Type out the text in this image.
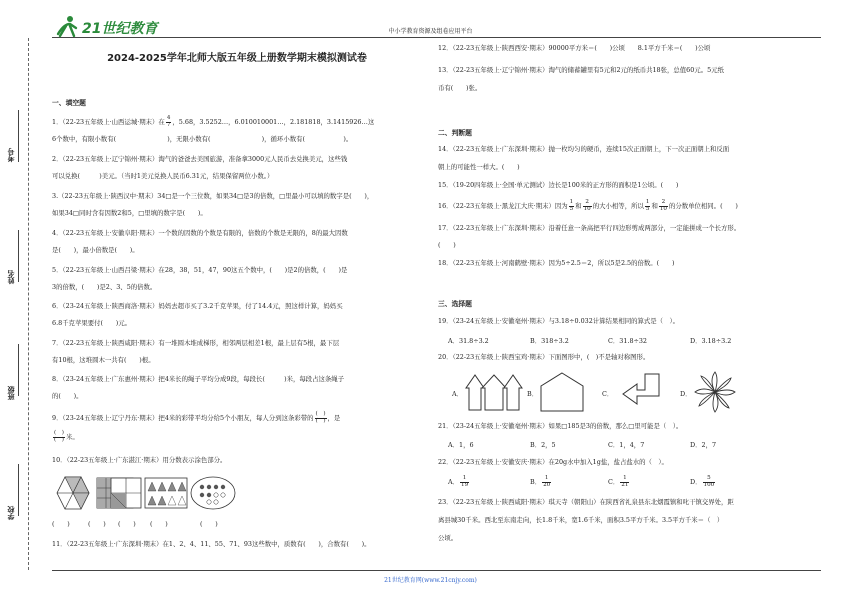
21世纪教育	中小学教育资源及组卷应用平台
21世纪教育网(www.21cnjy.com)
考号
姓名
班级
学校
2024-2025学年北师大版五年级上册数学期末模拟测试卷
一、填空题
1．（22-23五年级上·山西运城·期末）在 $\frac{4}{7}$ ，5.68，3.5252…，6.010010001…，2.181818，3.1415926…这
6个数中，有限小数有(　　　　　　　　)，无限小数有(　　　　　　　　)，循环小数有(　　　　　　)。
2．（22-23五年级上·辽宁锦州·期末）淘气的爸爸去美国旅游，准备拿3000元人民币去兑换美元，这些钱
可以兑换(　　　)美元。（当时1美元兑换人民币6.31元，结果保留两位小数。）
3.（22-23五年级上·陕西汉中·期末）34□是一个三位数，如果34□是3的倍数，□里最小可以填的数字是(　　)，
如果34□同时含有因数2和5，□里填的数字是(　　)。
4．（22-23五年级上·安徽阜阳·期末）一个数的因数的个数是有限的，倍数的个数是无限的，8的最大因数
是(　　)，最小倍数是(　　)。
5．（22-23五年级上·山西吕梁·期末）在28，38，51，47，90这五个数中，(　　)是2的倍数，(　　)是
3的倍数，(　　)是2、3、5的倍数。
6．（23-24五年级上·陕西商洛·期末）妈妈去超市买了3.2千克苹果，付了14.4元，照这样计算，妈妈买
6.8千克苹果要付(　　)元。
7．（22-23五年级上·陕西咸阳·期末）有一堆圆木堆成梯形，相邻两层相差1根，最上层有5根，最下层
有10根，这堆圆木一共有(　　)根。
8．（23-24五年级上·广东惠州·期末）把4米长的绳子平均分成9段，每段长(　　　)米，每段占这条绳子
的(　　)。
9．（23-24五年级上·辽宁丹东·期末）把4米的彩带平均分给5个小朋友，每人分到这条彩带的 $\frac{( )}{( )}$ ，是
$\frac{( )}{( )}$ 米。
10．（22-23五年级上·广东湛江·期末）用分数表示涂色部分。
(　　)	(　　) (　　) (　　)	(　　)
11．（22-23五年级上·广东深圳·期末）在1、2、4、11、55、71、93这些数中，质数有(　　)，合数有(　　)。
12．（22-23五年级上·陕西西安·期末）90000平方米＝(　　)公顷　　8.1平方千米＝(　　)公顷
13．（22-23五年级上·辽宁锦州·期末）淘气的储蓄罐里有5元和2元的纸币共18张，总值60元。5元纸
币有(　　)张。
二、判断题
14．（22-23五年级上·广东深圳·期末）抛一枚均匀的硬币，连续15次正面朝上，下一次正面朝上和反面
朝上的可能性一样大。(　　)
15．（19-20四年级上·全国·单元测试）边长是100米的正方形的面积是1公顷。(　　)
16．（22-23五年级上·黑龙江大庆·期末）因为 $\frac{1}{5}$ 和 $\frac{2}{10}$ 的大小相等，所以 $\frac{1}{5}$ 和 $\frac{2}{10}$ 的分数单位相同。(　　)
17．（22-23五年级上·广东深圳·期末）沿着任意一条高把平行四边形剪成两部分，一定能拼成一个长方形。
(　　)
18．（22-23五年级上·河南鹤壁·期末）因为5÷2.5＝2，所以5是2.5的倍数。(　　)
三、选择题
19．（23-24五年级上·安徽亳州·期末）与3.18÷0.032计算结果相同的算式是（　）。
A．31.8÷3.2	B．318÷3.2	C．31.8÷32	D．3.18÷3.2
20．（22-23五年级上·陕西宝鸡·期末）下面图形中，(　)不是轴对称图形。
A．	B．	C．	D．
21．（23-24五年级上·安徽亳州·期末）如果□185是3的倍数，那么□里可能是（　）。
A．1，6	B．2，5	C．1，4，7	D．2，7
22．（22-23五年级上·安徽安庆·期末）在20g水中加入1g盐，盐占盐水的（　）。
A． $\frac{1}{19}$	B． $\frac{1}{20}$	C． $\frac{1}{21}$	D． $\frac{5}{100}$
23．（22-23五年级上·陕西咸阳·期末）琪天寺（朝阳山）在陕西省礼泉县东北烟霞镇和叱干镇交界处，距
离县城30千米。西北至东南走向，长1.8千米，宽1.6千米，面积3.5平方千米。3.5平方千米＝（　）
公顷。
